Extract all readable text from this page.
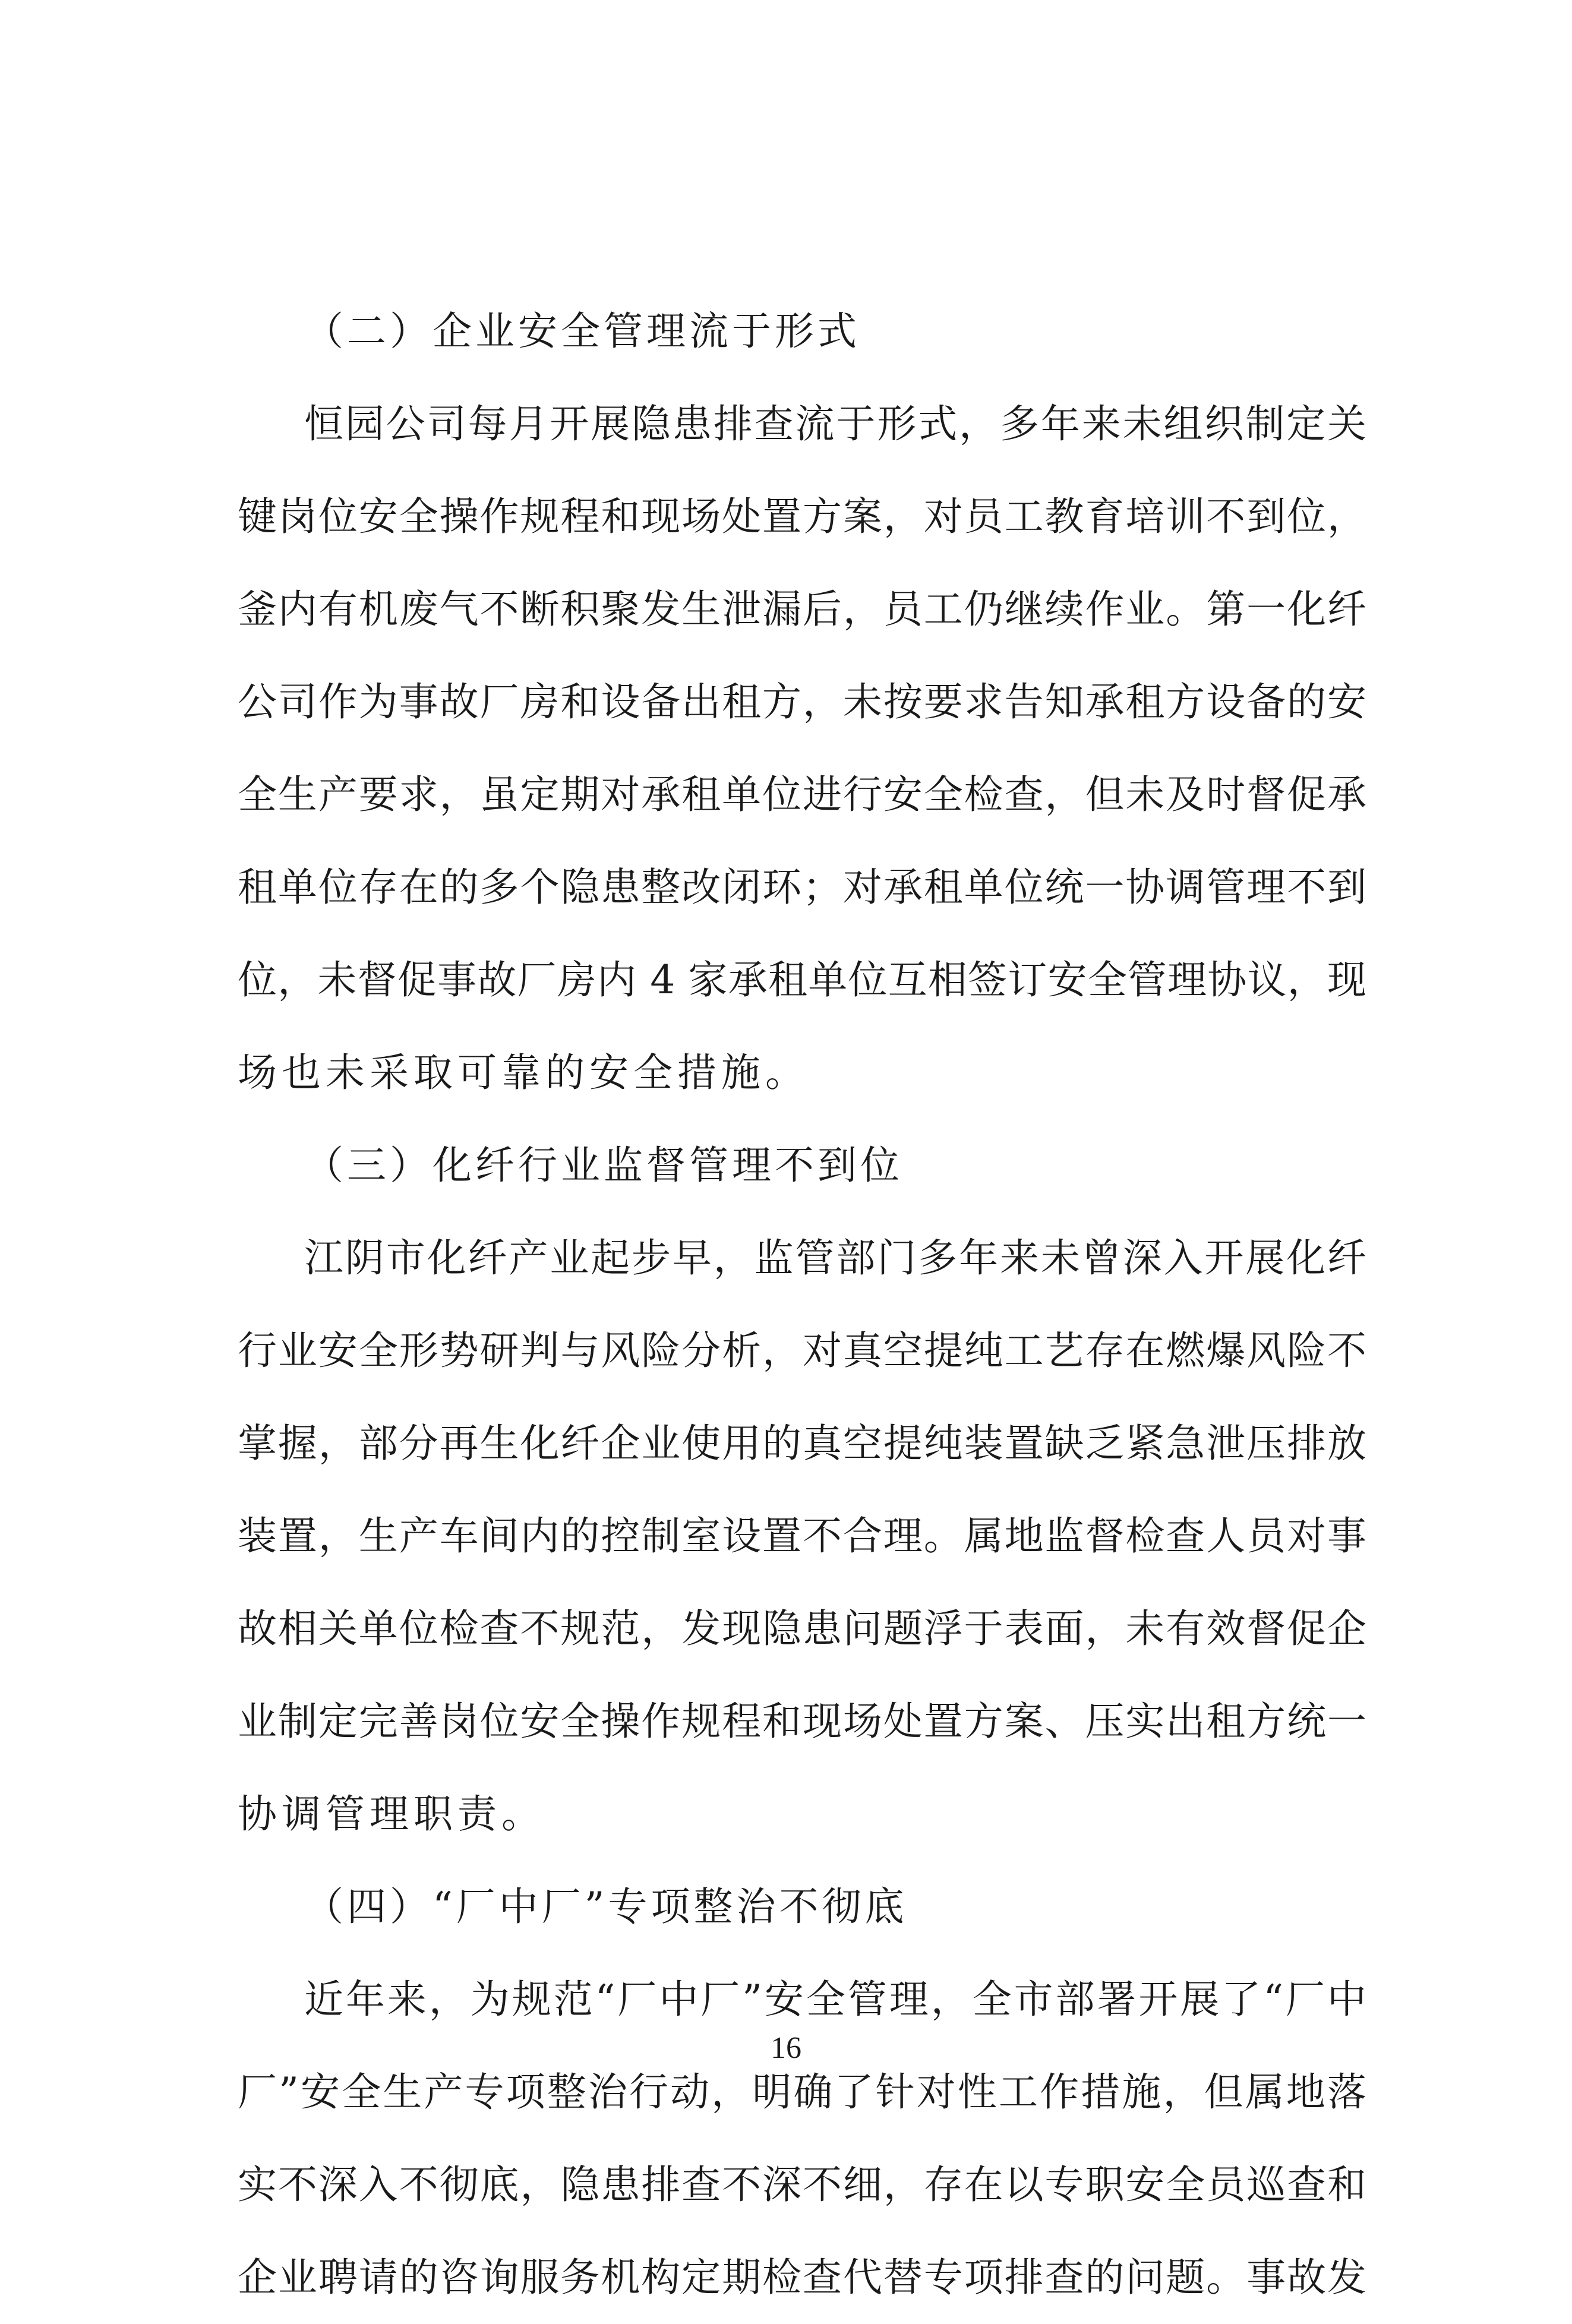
（二）企业安全管理流于形式

恒园公司每月开展隐患排查流于形式，多年来未组织制定关
键岗位安全操作规程和现场处置方案，对员工教育培训不到位，
釜内有机废气不断积聚发生泄漏后，员工仍继续作业。第一化纤
公司作为事故厂房和设备出租方，未按要求告知承租方设备的安
全生产要求，虽定期对承租单位进行安全检查，但未及时督促承
租单位存在的多个隐患整改闭环；对承租单位统一协调管理不到
位，未督促事故厂房内 4 家承租单位互相签订安全管理协议，现
场也未采取可靠的安全措施。

（三）化纤行业监督管理不到位

江阴市化纤产业起步早，监管部门多年来未曾深入开展化纤
行业安全形势研判与风险分析，对真空提纯工艺存在燃爆风险不
掌握，部分再生化纤企业使用的真空提纯装置缺乏紧急泄压排放
装置，生产车间内的控制室设置不合理。属地监督检查人员对事
故相关单位检查不规范，发现隐患问题浮于表面，未有效督促企
业制定完善岗位安全操作规程和现场处置方案、压实出租方统一
协调管理职责。

（四）“厂中厂”专项整治不彻底

近年来，为规范“厂中厂”安全管理，全市部署开展了“厂中
厂”安全生产专项整治行动，明确了针对性工作措施，但属地落
实不深入不彻底，隐患排查不深不细，存在以专职安全员巡查和
企业聘请的咨询服务机构定期检查代替专项排查的问题。事故发

16
